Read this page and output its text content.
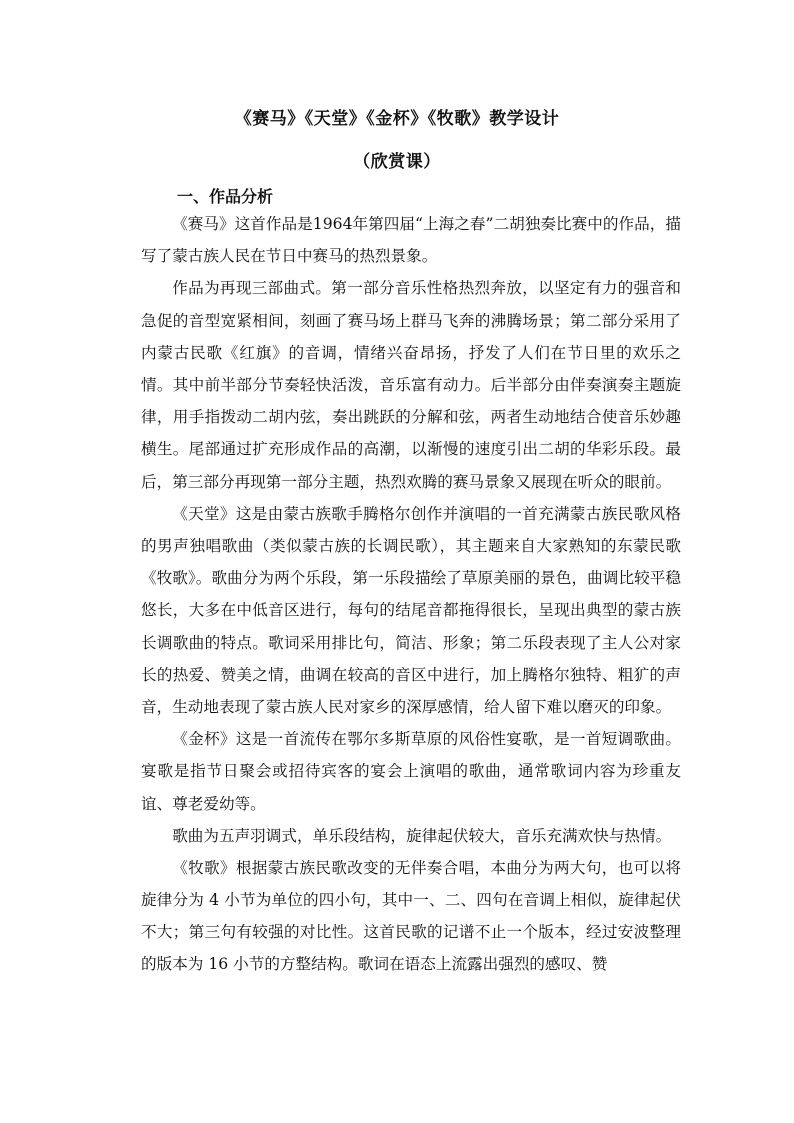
《赛马》《天堂》《金杯》《牧歌》教学设计
（欣赏课）
一、作品分析

《赛马》这首作品是1964年第四届“上海之春”二胡独奏比赛中的作品，描写了蒙古族人民在节日中赛马的热烈景象。

作品为再现三部曲式。第一部分音乐性格热烈奔放，以坚定有力的强音和急促的音型宽紧相间，刻画了赛马场上群马飞奔的沸腾场景；第二部分采用了内蒙古民歌《红旗》的音调，情绪兴奋昂扬，抒发了人们在节日里的欢乐之情。其中前半部分节奏轻快活泼，音乐富有动力。后半部分由伴奏演奏主题旋律，用手指拨动二胡内弦，奏出跳跃的分解和弦，两者生动地结合使音乐妙趣横生。尾部通过扩充形成作品的高潮，以渐慢的速度引出二胡的华彩乐段。最后，第三部分再现第一部分主题，热烈欢腾的赛马景象又展现在听众的眼前。

《天堂》这是由蒙古族歌手腾格尔创作并演唱的一首充满蒙古族民歌风格的男声独唱歌曲（类似蒙古族的长调民歌），其主题来自大家熟知的东蒙民歌《牧歌》。歌曲分为两个乐段，第一乐段描绘了草原美丽的景色，曲调比较平稳悠长，大多在中低音区进行，每句的结尾音都拖得很长，呈现出典型的蒙古族长调歌曲的特点。歌词采用排比句，简洁、形象；第二乐段表现了主人公对家长的热爱、赞美之情，曲调在较高的音区中进行，加上腾格尔独特、粗犷的声音，生动地表现了蒙古族人民对家乡的深厚感情，给人留下难以磨灭的印象。

《金杯》这是一首流传在鄂尔多斯草原的风俗性宴歌，是一首短调歌曲。宴歌是指节日聚会或招待宾客的宴会上演唱的歌曲，通常歌词内容为珍重友谊、尊老爱幼等。

歌曲为五声羽调式，单乐段结构，旋律起伏较大，音乐充满欢快与热情。

《牧歌》根据蒙古族民歌改变的无伴奏合唱，本曲分为两大句，也可以将旋律分为 4 小节为单位的四小句，其中一、二、四句在音调上相似，旋律起伏不大；第三句有较强的对比性。这首民歌的记谱不止一个版本，经过安波整理的版本为 16 小节的方整结构。歌词在语态上流露出强烈的感叹、赞
